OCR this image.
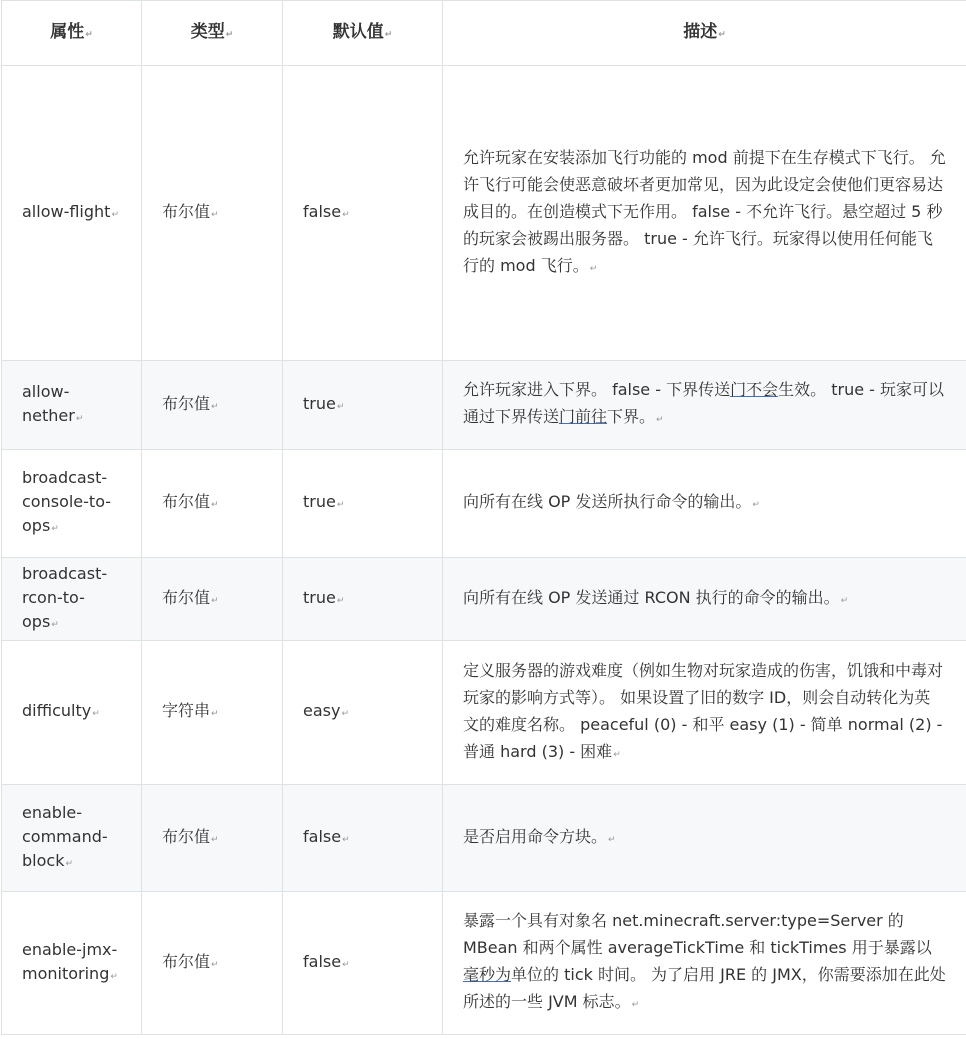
属性↵	类型↵	默认值↵	描述↵
allow-flight↵	布尔值↵	false↵	允许玩家在安装添加飞行功能的 mod 前提下在生存模式下飞行。 允许飞行可能会使恶意破坏者更加常见，因为此设定会使他们更容易达成目的。在创造模式下无作用。 false - 不允许飞行。悬空超过 5 秒的玩家会被踢出服务器。 true - 允许飞行。玩家得以使用任何能飞行的 mod 飞行。↵
allow-nether↵	布尔值↵	true↵	允许玩家进入下界。 false - 下界传送门不会生效。 true - 玩家可以通过下界传送门前往下界。↵
broadcast-console-to-ops↵	布尔值↵	true↵	向所有在线 OP 发送所执行命令的输出。↵
broadcast-rcon-to-ops↵	布尔值↵	true↵	向所有在线 OP 发送通过 RCON 执行的命令的输出。↵
difficulty↵	字符串↵	easy↵	定义服务器的游戏难度（例如生物对玩家造成的伤害，饥饿和中毒对玩家的影响方式等）。 如果设置了旧的数字 ID，则会自动转化为英文的难度名称。 peaceful (0) - 和平 easy (1) - 简单 normal (2) - 普通 hard (3) - 困难↵
enable-command-block↵	布尔值↵	false↵	是否启用命令方块。↵
enable-jmx-monitoring↵	布尔值↵	false↵	暴露一个具有对象名 net.minecraft.server:type=Server 的 MBean 和两个属性 averageTickTime 和 tickTimes 用于暴露以毫秒为单位的 tick 时间。 为了启用 JRE 的 JMX，你需要添加在此处所述的一些 JVM 标志。↵
